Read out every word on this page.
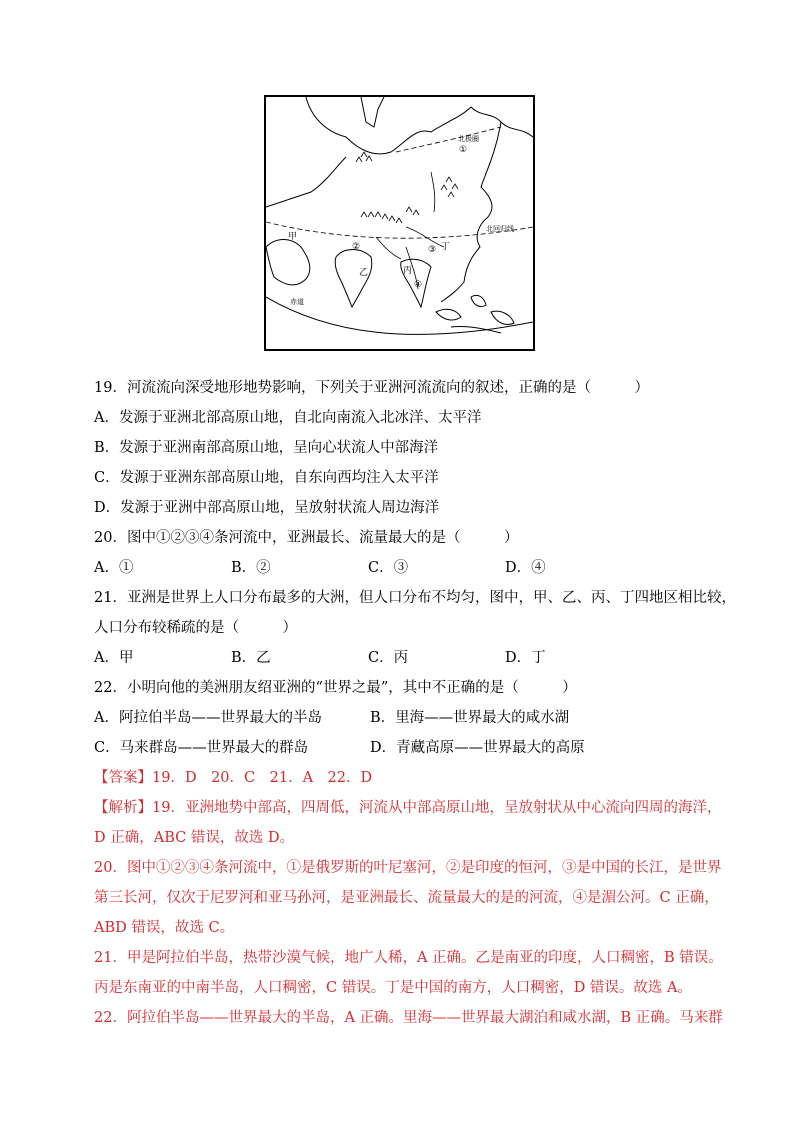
北极圈
①
北回归线
赤道
甲
②
乙
③ 丁
丙
④
19．河流流向深受地形地势影响，下列关于亚洲河流流向的叙述，正确的是（　　　）
A．发源于亚洲北部高原山地，自北向南流入北冰洋、太平洋
B．发源于亚洲南部高原山地，呈向心状流人中部海洋
C．发源于亚洲东部高原山地，自东向西均注入太平洋
D．发源于亚洲中部高原山地，呈放射状流人周边海洋
20．图中①②③④条河流中，亚洲最长、流量最大的是（　　　）
A．①	B．②	C．③	D．④
21．亚洲是世界上人口分布最多的大洲，但人口分布不均匀，图中，甲、乙、丙、丁四地区相比较，
人口分布较稀疏的是（　　　）
A．甲	B．乙	C．丙	D．丁
22．小明向他的美洲朋友绍亚洲的“世界之最”，其中不正确的是（　　　）
A．阿拉伯半岛——世界最大的半岛	B．里海——世界最大的咸水湖
C．马来群岛——世界最大的群岛	D．青藏高原——世界最大的高原
【答案】19．D　20．C　21．A　22．D
【解析】19．亚洲地势中部高，四周低，河流从中部高原山地，呈放射状从中心流向四周的海洋，
D 正确，ABC 错误，故选 D。
20．图中①②③④条河流中，①是俄罗斯的叶尼塞河，②是印度的恒河，③是中国的长江，是世界
第三长河，仅次于尼罗河和亚马孙河，是亚洲最长、流量最大的是的河流，④是湄公河。C 正确，
ABD 错误，故选 C。
21．甲是阿拉伯半岛，热带沙漠气候，地广人稀，A 正确。乙是南亚的印度，人口稠密，B 错误。
丙是东南亚的中南半岛，人口稠密，C 错误。丁是中国的南方，人口稠密，D 错误。故选 A。
22．阿拉伯半岛——世界最大的半岛，A 正确。里海——世界最大湖泊和咸水湖，B 正确。马来群
